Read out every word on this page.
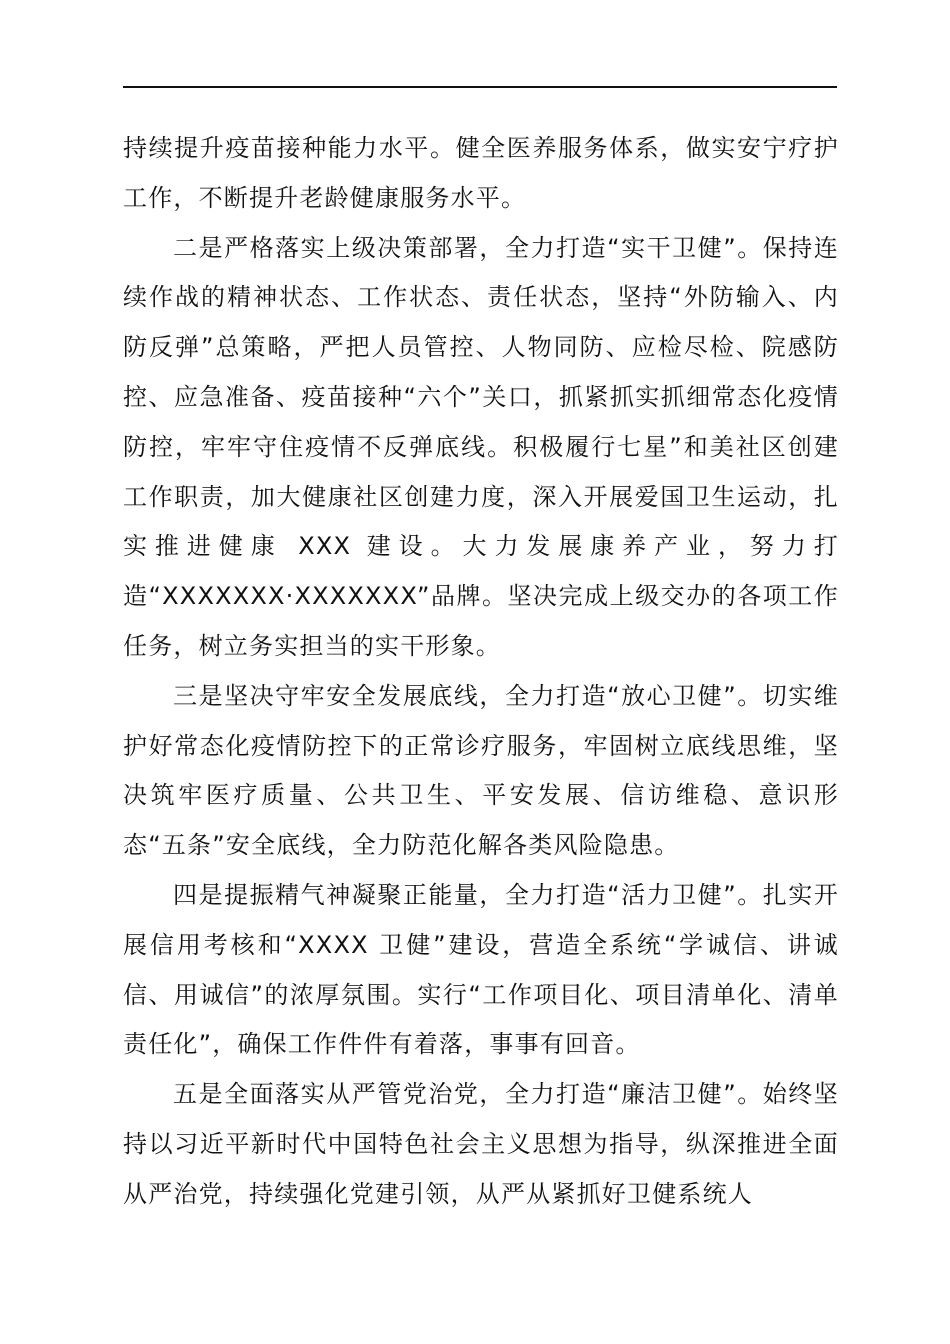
持续提升疫苗接种能力水平。健全医养服务体系，做实安宁疗护工作，不断提升老龄健康服务水平。

二是严格落实上级决策部署，全力打造“实干卫健”。保持连续作战的精神状态、工作状态、责任状态，坚持“外防输入、内防反弹”总策略，严把人员管控、人物同防、应检尽检、院感防控、应急准备、疫苗接种“六个”关口，抓紧抓实抓细常态化疫情防控，牢牢守住疫情不反弹底线。积极履行七星”和美社区创建工作职责，加大健康社区创建力度，深入开展爱国卫生运动，扎实推进健康 XXX 建设。大力发展康养产业，努力打造“XXXXXXX·XXXXXXX”品牌。坚决完成上级交办的各项工作任务，树立务实担当的实干形象。

三是坚决守牢安全发展底线，全力打造“放心卫健”。切实维护好常态化疫情防控下的正常诊疗服务，牢固树立底线思维，坚决筑牢医疗质量、公共卫生、平安发展、信访维稳、意识形态“五条”安全底线，全力防范化解各类风险隐患。

四是提振精气神凝聚正能量，全力打造“活力卫健”。扎实开展信用考核和“XXXX 卫健”建设，营造全系统“学诚信、讲诚信、用诚信”的浓厚氛围。实行“工作项目化、项目清单化、清单责任化”，确保工作件件有着落，事事有回音。

五是全面落实从严管党治党，全力打造“廉洁卫健”。始终坚持以习近平新时代中国特色社会主义思想为指导，纵深推进全面从严治党，持续强化党建引领，从严从紧抓好卫健系统人
